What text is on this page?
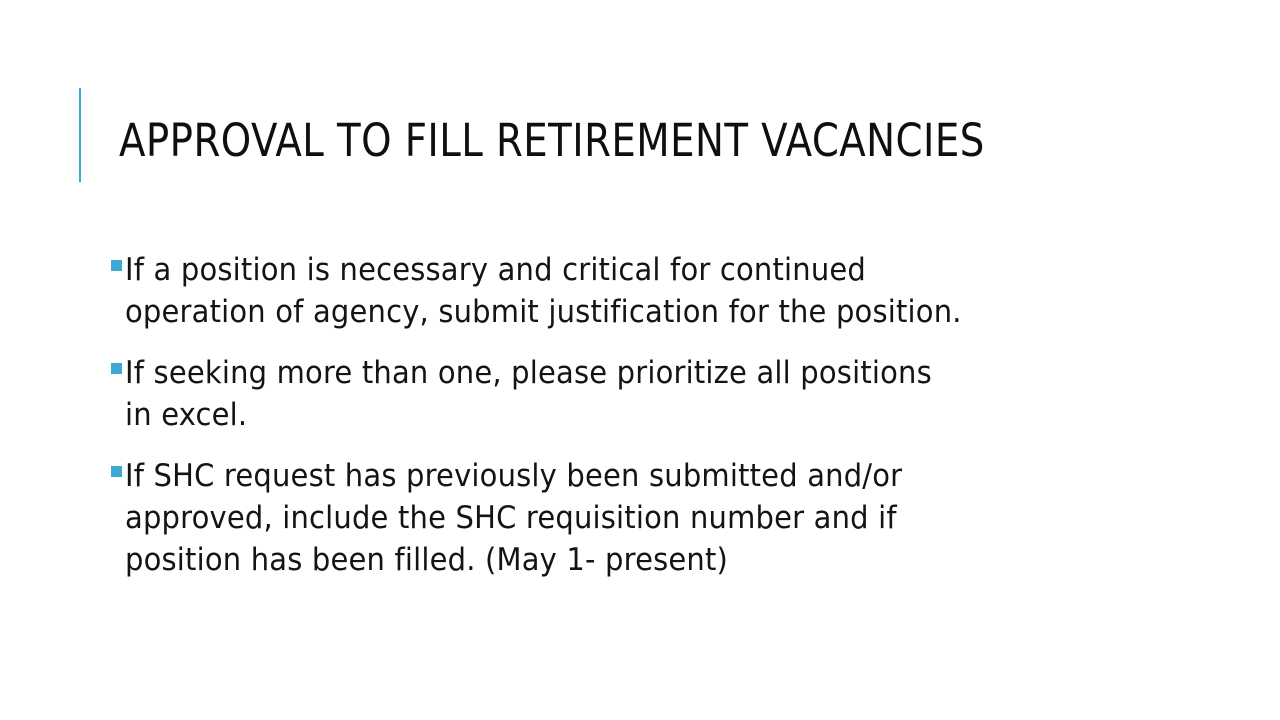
APPROVAL TO FILL RETIREMENT VACANCIES
If a position is necessary and critical for continued
operation of agency, submit justification for the position.
If seeking more than one, please prioritize all positions
in excel.
If SHC request has previously been submitted and/or
approved, include the SHC requisition number and if
position has been filled. (May 1- present)
